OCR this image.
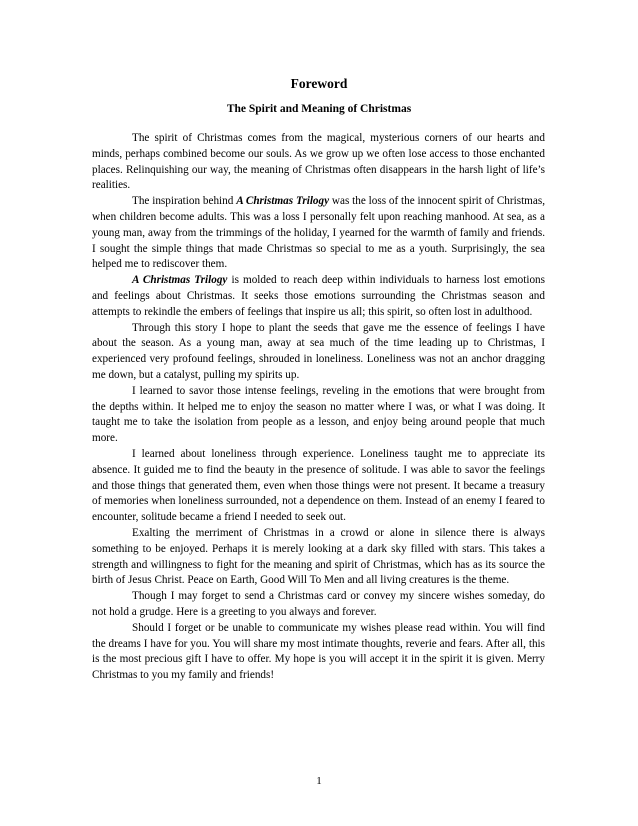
Foreword
The Spirit and Meaning of Christmas

The spirit of Christmas comes from the magical, mysterious corners of our hearts and minds, perhaps combined become our souls. As we grow up we often lose access to those enchanted places. Relinquishing our way, the meaning of Christmas often disappears in the harsh light of life’s realities.

The inspiration behind A Christmas Trilogy was the loss of the innocent spirit of Christmas, when children become adults. This was a loss I personally felt upon reaching manhood. At sea, as a young man, away from the trimmings of the holiday, I yearned for the warmth of family and friends. I sought the simple things that made Christmas so special to me as a youth. Surprisingly, the sea helped me to rediscover them.

A Christmas Trilogy is molded to reach deep within individuals to harness lost emotions and feelings about Christmas. It seeks those emotions surrounding the Christmas season and attempts to rekindle the embers of feelings that inspire us all; this spirit, so often lost in adulthood.

Through this story I hope to plant the seeds that gave me the essence of feelings I have about the season. As a young man, away at sea much of the time leading up to Christmas, I experienced very profound feelings, shrouded in loneliness. Loneliness was not an anchor dragging me down, but a catalyst, pulling my spirits up.

I learned to savor those intense feelings, reveling in the emotions that were brought from the depths within. It helped me to enjoy the season no matter where I was, or what I was doing. It taught me to take the isolation from people as a lesson, and enjoy being around people that much more.

I learned about loneliness through experience. Loneliness taught me to appreciate its absence. It guided me to find the beauty in the presence of solitude. I was able to savor the feelings and those things that generated them, even when those things were not present. It became a treasury of memories when loneliness surrounded, not a dependence on them. Instead of an enemy I feared to encounter, solitude became a friend I needed to seek out.

Exalting the merriment of Christmas in a crowd or alone in silence there is always something to be enjoyed. Perhaps it is merely looking at a dark sky filled with stars. This takes a strength and willingness to fight for the meaning and spirit of Christmas, which has as its source the birth of Jesus Christ. Peace on Earth, Good Will To Men and all living creatures is the theme.

Though I may forget to send a Christmas card or convey my sincere wishes someday, do not hold a grudge. Here is a greeting to you always and forever.

Should I forget or be unable to communicate my wishes please read within. You will find the dreams I have for you. You will share my most intimate thoughts, reverie and fears. After all, this is the most precious gift I have to offer. My hope is you will accept it in the spirit it is given. Merry Christmas to you my family and friends!

1
